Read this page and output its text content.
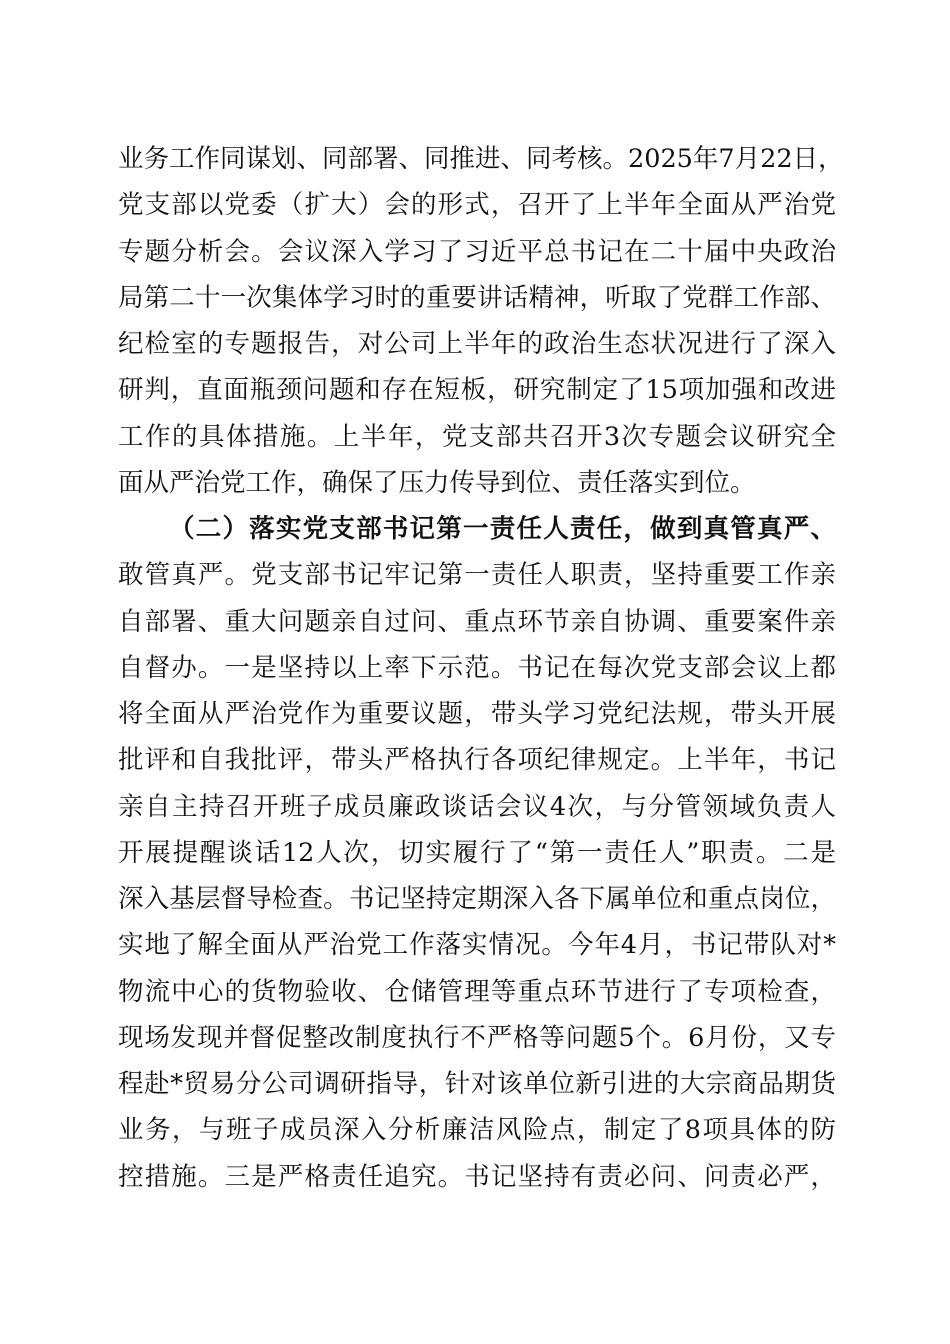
业务工作同谋划、同部署、同推进、同考核。2025年7月22日，
党支部以党委（扩大）会的形式，召开了上半年全面从严治党
专题分析会。会议深入学习了习近平总书记在二十届中央政治
局第二十一次集体学习时的重要讲话精神，听取了党群工作部、
纪检室的专题报告，对公司上半年的政治生态状况进行了深入
研判，直面瓶颈问题和存在短板，研究制定了15项加强和改进
工作的具体措施。上半年，党支部共召开3次专题会议研究全
面从严治党工作，确保了压力传导到位、责任落实到位。
（二）落实党支部书记第一责任人责任，做到真管真严、
敢管真严。党支部书记牢记第一责任人职责，坚持重要工作亲
自部署、重大问题亲自过问、重点环节亲自协调、重要案件亲
自督办。一是坚持以上率下示范。书记在每次党支部会议上都
将全面从严治党作为重要议题，带头学习党纪法规，带头开展
批评和自我批评，带头严格执行各项纪律规定。上半年，书记
亲自主持召开班子成员廉政谈话会议4次，与分管领域负责人
开展提醒谈话12人次，切实履行了“第一责任人”职责。二是
深入基层督导检查。书记坚持定期深入各下属单位和重点岗位，
实地了解全面从严治党工作落实情况。今年4月，书记带队对*
物流中心的货物验收、仓储管理等重点环节进行了专项检查，
现场发现并督促整改制度执行不严格等问题5个。6月份，又专
程赴*贸易分公司调研指导，针对该单位新引进的大宗商品期货
业务，与班子成员深入分析廉洁风险点，制定了8项具体的防
控措施。三是严格责任追究。书记坚持有责必问、问责必严，
